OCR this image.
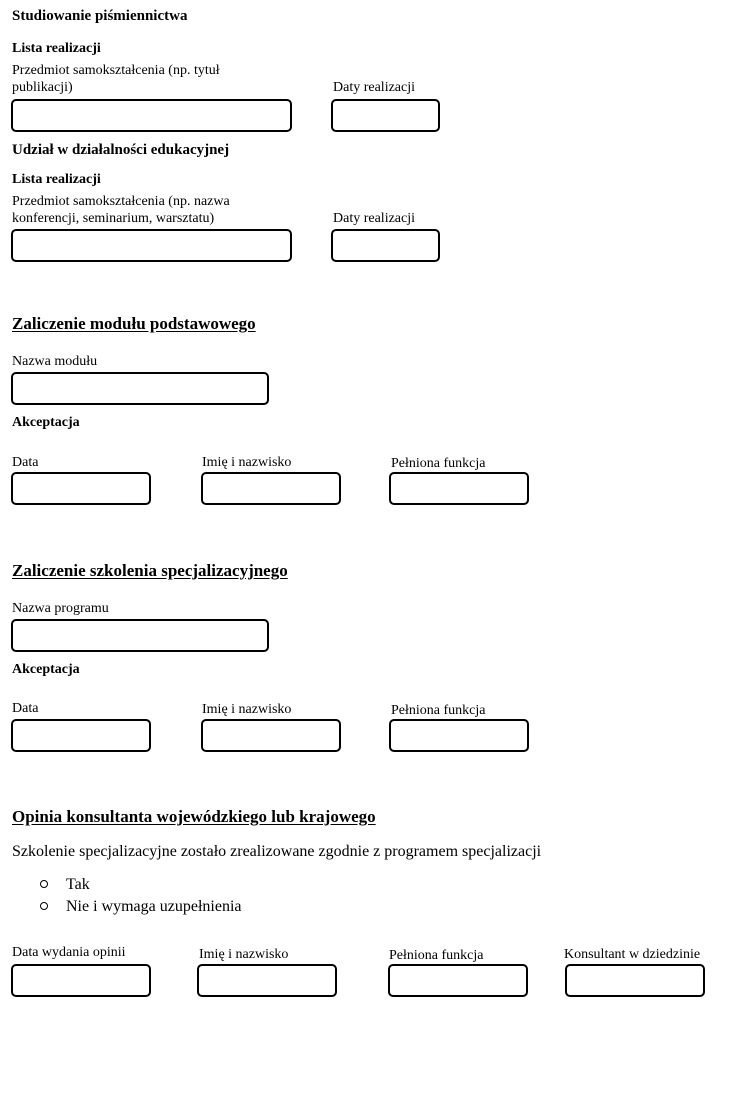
Studiowanie piśmiennictwa
Lista realizacji
Przedmiot samokształcenia (np. tytuł
publikacji)	Daty realizacji
Udział w działalności edukacyjnej
Lista realizacji
Przedmiot samokształcenia (np. nazwa
konferencji, seminarium, warsztatu)	Daty realizacji
Zaliczenie modułu podstawowego
Nazwa modułu
Akceptacja
Data	Imię i nazwisko	Pełniona funkcja
Zaliczenie szkolenia specjalizacyjnego
Nazwa programu
Akceptacja
Data	Imię i nazwisko	Pełniona funkcja
Opinia konsultanta wojewódzkiego lub krajowego
Szkolenie specjalizacyjne zostało zrealizowane zgodnie z programem specjalizacji
Tak
Nie i wymaga uzupełnienia
Data wydania opinii	Imię i nazwisko	Pełniona funkcja	Konsultant w dziedzinie
